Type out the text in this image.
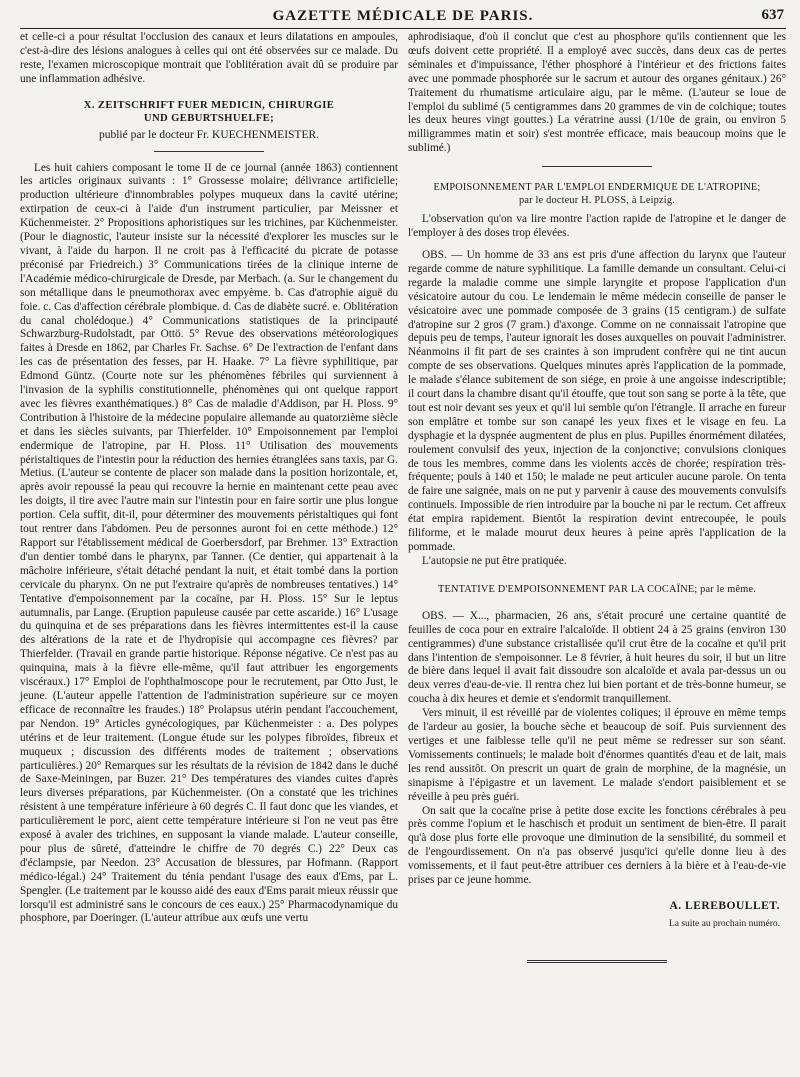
GAZETTE MÉDICALE DE PARIS.	637

et celle-ci a pour résultat l'occlusion des canaux et leurs dilatations en ampoules, c'est-à-dire des lésions analogues à celles qui ont été observées sur ce malade. Du reste, l'examen microscopique montrait que l'oblitération avait dû se produire par une inflammation adhésive.

X. ZEITSCHRIFT FUER MEDICIN, CHIRURGIE
UND GEBURTSHUELFE;
publié par le docteur Fr. KUECHENMEISTER.

Les huit cahiers composant le tome II de ce journal (année 1863) contiennent les articles originaux suivants : 1° Grossesse molaire; délivrance artificielle; production ultérieure d'innombrables polypes muqueux dans la cavité utérine; extirpation de ceux-ci à l'aide d'un instrument particulier, par Meissner et Küchenmeister. 2° Propositions aphoristiques sur les trichines, par Küchenmeister. (Pour le diagnostic, l'auteur insiste sur la nécessité d'explorer les muscles sur le vivant, à l'aide du harpon. Il ne croit pas à l'efficacité du picrate de potasse préconisé par Friedreich.) 3° Communications tirées de la clinique interne de l'Académie médico-chirurgicale de Dresde, par Merbach. (a. Sur le changement du son métallique dans le pneumothorax avec empyème. b. Cas d'atrophie aiguë du foie. c. Cas d'affection cérébrale plombique. d. Cas de diabète sucré. e. Oblitération du canal cholédoque.) 4° Communications statistiques de la principauté Schwarzburg-Rudolstadt, par Ottö. 5° Revue des observations météorologiques faites à Dresde en 1862, par Charles Fr. Sachse. 6° De l'extraction de l'enfant dans les cas de présentation des fesses, par H. Haake. 7° La fièvre syphilitique, par Edmond Güntz. (Courte note sur les phénomènes fébriles qui surviennent à l'invasion de la syphilis constitutionnelle, phénomènes qui ont quelque rapport avec les fièvres exanthématiques.) 8° Cas de maladie d'Addison, par H. Ploss. 9° Contribution à l'histoire de la médecine populaire allemande au quatorzième siècle et dans les siècles suivants, par Thierfelder. 10° Empoisonnement par l'emploi endermique de l'atropine, par H. Ploss. 11° Utilisation des mouvements péristaltiques de l'intestin pour la réduction des hernies étranglées sans taxis, par G. Metius. (L'auteur se contente de placer son malade dans la position horizontale, et, après avoir repoussé la peau qui recouvre la hernie en maintenant cette peau avec les doigts, il tire avec l'autre main sur l'intestin pour en faire sortir une plus longue portion. Cela suffit, dit-il, pour déterminer des mouvements péristaltiques qui font tout rentrer dans l'abdomen. Peu de personnes auront foi en cette méthode.) 12° Rapport sur l'établissement médical de Goerbersdorf, par Brehmer. 13° Extraction d'un dentier tombé dans le pharynx, par Tanner. (Ce dentier, qui appartenait à la mâchoire inférieure, s'était détaché pendant la nuit, et était tombé dans la portion cervicale du pharynx. On ne put l'extraire qu'après de nombreuses tentatives.) 14° Tentative d'empoisonnement par la cocaïne, par H. Ploss. 15° Sur le leptus autumnalis, par Lange. (Eruption papuleuse causée par cette ascaride.) 16° L'usage du quinquina et de ses préparations dans les fièvres intermittentes est-il la cause des altérations de la rate et de l'hydropisie qui accompagne ces fièvres? par Thierfelder. (Travail en grande partie historique. Réponse négative. Ce n'est pas au quinquina, mais à la fièvre elle-même, qu'il faut attribuer les engorgements viscéraux.) 17° Emploi de l'ophthalmoscope pour le recrutement, par Otto Just, le jeune. (L'auteur appelle l'attention de l'administration supérieure sur ce moyen efficace de reconnaître les fraudes.) 18° Prolapsus utérin pendant l'accouchement, par Nendon. 19° Articles gynécologiques, par Küchenmeister : a. Des polypes utérins et de leur traitement. (Longue étude sur les polypes fibroïdes, fibreux et muqueux ; discussion des différents modes de traitement ; observations particulières.) 20° Remarques sur les résultats de la révision de 1842 dans le duché de Saxe-Meiningen, par Buzer. 21° Des températures des viandes cuites d'après leurs diverses préparations, par Küchenmeister. (On a constaté que les trichines résistent à une température inférieure à 60 degrés C. Il faut donc que les viandes, et particulièrement le porc, aient cette température intérieure si l'on ne veut pas être exposé à avaler des trichines, en supposant la viande malade. L'auteur conseille, pour plus de sûreté, d'atteindre le chiffre de 70 degrés C.) 22° Deux cas d'éclampsie, par Needon. 23° Accusation de blessures, par Hofmann. (Rapport médico-légal.) 24° Traitement du ténia pendant l'usage des eaux d'Ems, par L. Spengler. (Le traitement par le kousso aidé des eaux d'Ems parait mieux réussir que lorsqu'il est administré sans le concours de ces eaux.) 25° Pharmacodynamique du phosphore, par Doeringer. (L'auteur attribue aux œufs une vertu

aphrodisiaque, d'où il conclut que c'est au phosphore qu'ils contiennent que les œufs doivent cette propriété. Il a employé avec succès, dans deux cas de pertes séminales et d'impuissance, l'éther phosphoré à l'intérieur et des frictions faites avec une pommade phosphorée sur le sacrum et autour des organes génitaux.) 26° Traitement du rhumatisme articulaire aigu, par le même. (L'auteur se loue de l'emploi du sublimé (5 centigrammes dans 20 grammes de vin de colchique; toutes les deux heures vingt gouttes.) La vératrine aussi (1/10e de grain, ou environ 5 milligrammes matin et soir) s'est montrée efficace, mais beaucoup moins que le sublimé.)

EMPOISONNEMENT PAR L'EMPLOI ENDERMIQUE DE L'ATROPINE;
par le docteur H. PLOSS, à Leipzig.

L'observation qu'on va lire montre l'action rapide de l'atropine et le danger de l'employer à des doses trop élevées.

OBS. — Un homme de 33 ans est pris d'une affection du larynx que l'auteur regarde comme de nature syphilitique. La famille demande un consultant. Celui-ci regarde la maladie comme une simple laryngite et propose l'application d'un vésicatoire autour du cou. Le lendemain le même médecin conseille de panser le vésicatoire avec une pommade composée de 3 grains (15 centigram.) de sulfate d'atropine sur 2 gros (7 gram.) d'axonge. Comme on ne connaissait l'atropine que depuis peu de temps, l'auteur ignorait les doses auxquelles on pouvait l'administrer. Néanmoins il fit part de ses craintes à son imprudent confrère qui ne tint aucun compte de ses observations. Quelques minutes après l'application de la pommade, le malade s'élance subitement de son siége, en proie à une angoisse indescriptible; il court dans la chambre disant qu'il étouffe, que tout son sang se porte à la tête, que tout est noir devant ses yeux et qu'il lui semble qu'on l'étrangle. Il arrache en fureur son emplâtre et tombe sur son canapé les yeux fixes et le visage en feu. La dysphagie et la dyspnée augmentent de plus en plus. Pupilles énormément dilatées, roulement convulsif des yeux, injection de la conjonctive; convulsions cloniques de tous les membres, comme dans les violents accès de chorée; respiration très-fréquente; pouls à 140 et 150; le malade ne peut articuler aucune parole. On tenta de faire une saignée, mais on ne put y parvenir à cause des mouvements convulsifs continuels. Impossible de rien introduire par la bouche ni par le rectum. Cet affreux état empira rapidement. Bientôt la respiration devint entrecoupée, le pouls filiforme, et le malade mourut deux heures à peine après l'application de la pommade.

L'autopsie ne put être pratiquée.

TENTATIVE D'EMPOISONNEMENT PAR LA COCAÏNE; par le même.

OBS. — X..., pharmacien, 26 ans, s'était procuré une certaine quantité de feuilles de coca pour en extraire l'alcaloïde. Il obtient 24 à 25 grains (environ 130 centigrammes) d'une substance cristallisée qu'il crut être de la cocaïne et qu'il prit dans l'intention de s'empoisonner. Le 8 février, à huit heures du soir, il but un litre de bière dans lequel il avait fait dissoudre son alcaloïde et avala par-dessus un ou deux verres d'eau-de-vie. Il rentra chez lui bien portant et de très-bonne humeur, se coucha à dix heures et demie et s'endormit tranquillement.

Vers minuit, il est réveillé par de violentes coliques; il éprouve en même temps de l'ardeur au gosier, la bouche sèche et beaucoup de soif. Puis surviennent des vertiges et une faiblesse telle qu'il ne peut même se redresser sur son séant. Vomissements continuels; le malade boit d'énormes quantités d'eau et de lait, mais les rend aussitôt. On prescrit un quart de grain de morphine, de la magnésie, un sinapisme à l'épigastre et un lavement. Le malade s'endort paisiblement et se réveille à peu près guéri.

On sait que la cocaïne prise à petite dose excite les fonctions cérébrales à peu près comme l'opium et le haschisch et produit un sentiment de bien-être. Il parait qu'à dose plus forte elle provoque une diminution de la sensibilité, du sommeil et de l'engourdissement. On n'a pas observé jusqu'ici qu'elle donne lieu à des vomissements, et il faut peut-être attribuer ces derniers à la bière et à l'eau-de-vie prises par ce jeune homme.

A. LEREBOULLET.
La suite au prochain numéro.
